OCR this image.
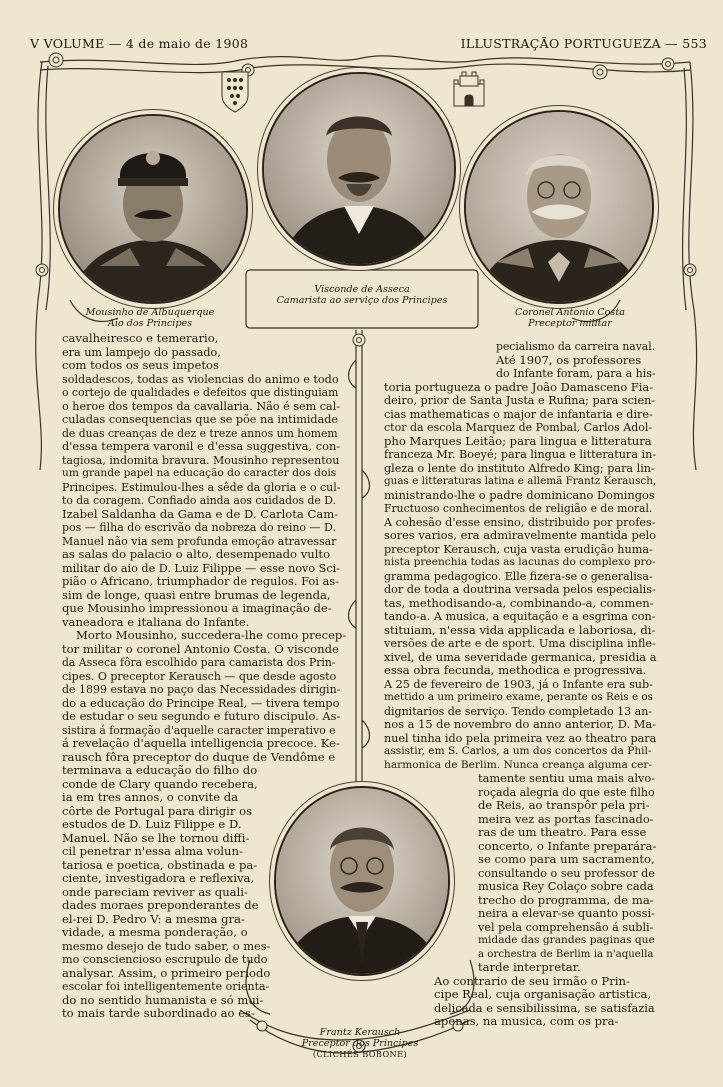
V VOLUME — 4 de maio de 1908	ILLUSTRAÇÃO PORTUGUEZA — 553
Mousinho de Albuquerque
Aio dos Principes
Visconde de Asseca
Camarista ao serviço dos Principes
Coronel Antonio Costa
Preceptor militar
Frantz Kerausch
Preceptor dos Principes
(CLICHÉS BOBONE)

cavalheiresco e temerario,

era um lampejo do passado,

com todos os seus impetos

soldadescos, todas as violencias do animo e todo

o cortejo de qualidades e defeitos que distinguiam

o heroe dos tempos da cavallaria. Não é sem cal-

culadas consequencias que se põe na intimidade

de duas creanças de dez e treze annos um homem

d'essa tempera varonil e d'essa suggestiva, con-

tagiosa, indomita bravura. Mousinho representou

um grande papel na educação do caracter dos dois

Principes. Estimulou-lhes a sêde da gloria e o cul-

to da coragem. Confiado ainda aos cuidados de D.

Izabel Saldanha da Gama e de D. Carlota Cam-

pos — filha do escrivão da nobreza do reino — D.

Manuel não via sem profunda emoção atravessar

as salas do palacio o alto, desempenado vulto

militar do aio de D. Luiz Filippe — esse novo Sci-

pião o Africano, triumphador de regulos. Foi as-

sim de longe, quasi entre brumas de legenda,

que Mousinho impressionou a imaginação de-

vaneadora e italiana do Infante.

Morto Mousinho, succedera-lhe como precep-

tor militar o coronel Antonio Costa. O visconde

da Asseca fôra escolhido para camarista dos Prin-

cipes. O preceptor Kerausch — que desde agosto

de 1899 estava no paço das Necessidades dirigin-

do a educação do Principe Real, — tivera tempo

de estudar o seu segundo e futuro discipulo. As-

sistira á formação d'aquelle caracter imperativo e

á revelação d'aquella intelligencia precoce. Ke-

rausch fôra preceptor do duque de Vendôme e

terminava a educação do filho do

conde de Clary quando recebera,

ia em tres annos, o convite da

côrte de Portugal para dirigir os

estudos de D. Luiz Filippe e D.

Manuel. Não se lhe tornou diffi-

cil penetrar n'essa alma volun-

tariosa e poetica, obstinada e pa-

ciente, investigadora e reflexiva,

onde pareciam reviver as quali-

dades moraes preponderantes de

el-rei D. Pedro V: a mesma gra-

vidade, a mesma ponderação, o

mesmo desejo de tudo saber, o mes-

mo consciencioso escrupulo de tudo

analysar. Assim, o primeiro periodo

escolar foi intelligentemente orienta-

do no sentido humanista e só mui-

to mais tarde subordinado ao es-

pecialismo da carreira naval.

Até 1907, os professores

do Infante foram, para a his-

toria portugueza o padre João Damasceno Fia-

deiro, prior de Santa Justa e Rufina; para scien-

cias mathematicas o major de infantaria e dire-

ctor da escola Marquez de Pombal, Carlos Adol-

pho Marques Leitão; para lingua e litteratura

franceza Mr. Boeyé; para lingua e litteratura in-

gleza o lente do instituto Alfredo King; para lin-

guas e litteraturas latina e allemã Frantz Kerausch,

ministrando-lhe o padre dominicano Domingos

Fructuoso conhecimentos de religião e de moral.

A cohesão d'esse ensino, distribuido por profes-

sores varios, era admiravelmente mantida pelo

preceptor Kerausch, cuja vasta erudição huma-

nista preenchia todas as lacunas do complexo pro-

gramma pedagogico. Elle fizera-se o generalisa-

dor de toda a doutrina versada pelos especialis-

tas, methodisando-a, combinando-a, commen-

tando-a. A musica, a equitação e a esgrima con-

stituiam, n'essa vida applicada e laboriosa, di-

versões de arte e de sport. Uma disciplina infle-

xivel, de uma severidade germanica, presidia a

essa obra fecunda, methodica e progressiva.

A 25 de fevereiro de 1903, já o Infante era sub-

mettido a um primeiro exame, perante os Reis e os

dignitarios de serviço. Tendo completado 13 an-

nos a 15 de novembro do anno anterior, D. Ma-

nuel tinha ido pela primeira vez ao theatro para

assistir, em S. Carlos, a um dos concertos da Phil-

harmonica de Berlim. Nunca creança alguma cer-

tamente sentiu uma mais alvo-

roçada alegria do que este filho

de Reis, ao transpôr pela pri-

meira vez as portas fascinado-

ras de um theatro. Para esse

concerto, o Infante preparára-

se como para um sacramento,

consultando o seu professor de

musica Rey Colaço sobre cada

trecho do programma, de ma-

neira a elevar-se quanto possi-

vel pela comprehensão á subli-

midade das grandes paginas que

a orchestra de Berlim ia n'aquella

tarde interpretar.

Ao contrario de seu irmão o Prin-

cipe Real, cuja organisação artistica,

delicada e sensibilissima, se satisfazia

apenas, na musica, com os pra-
